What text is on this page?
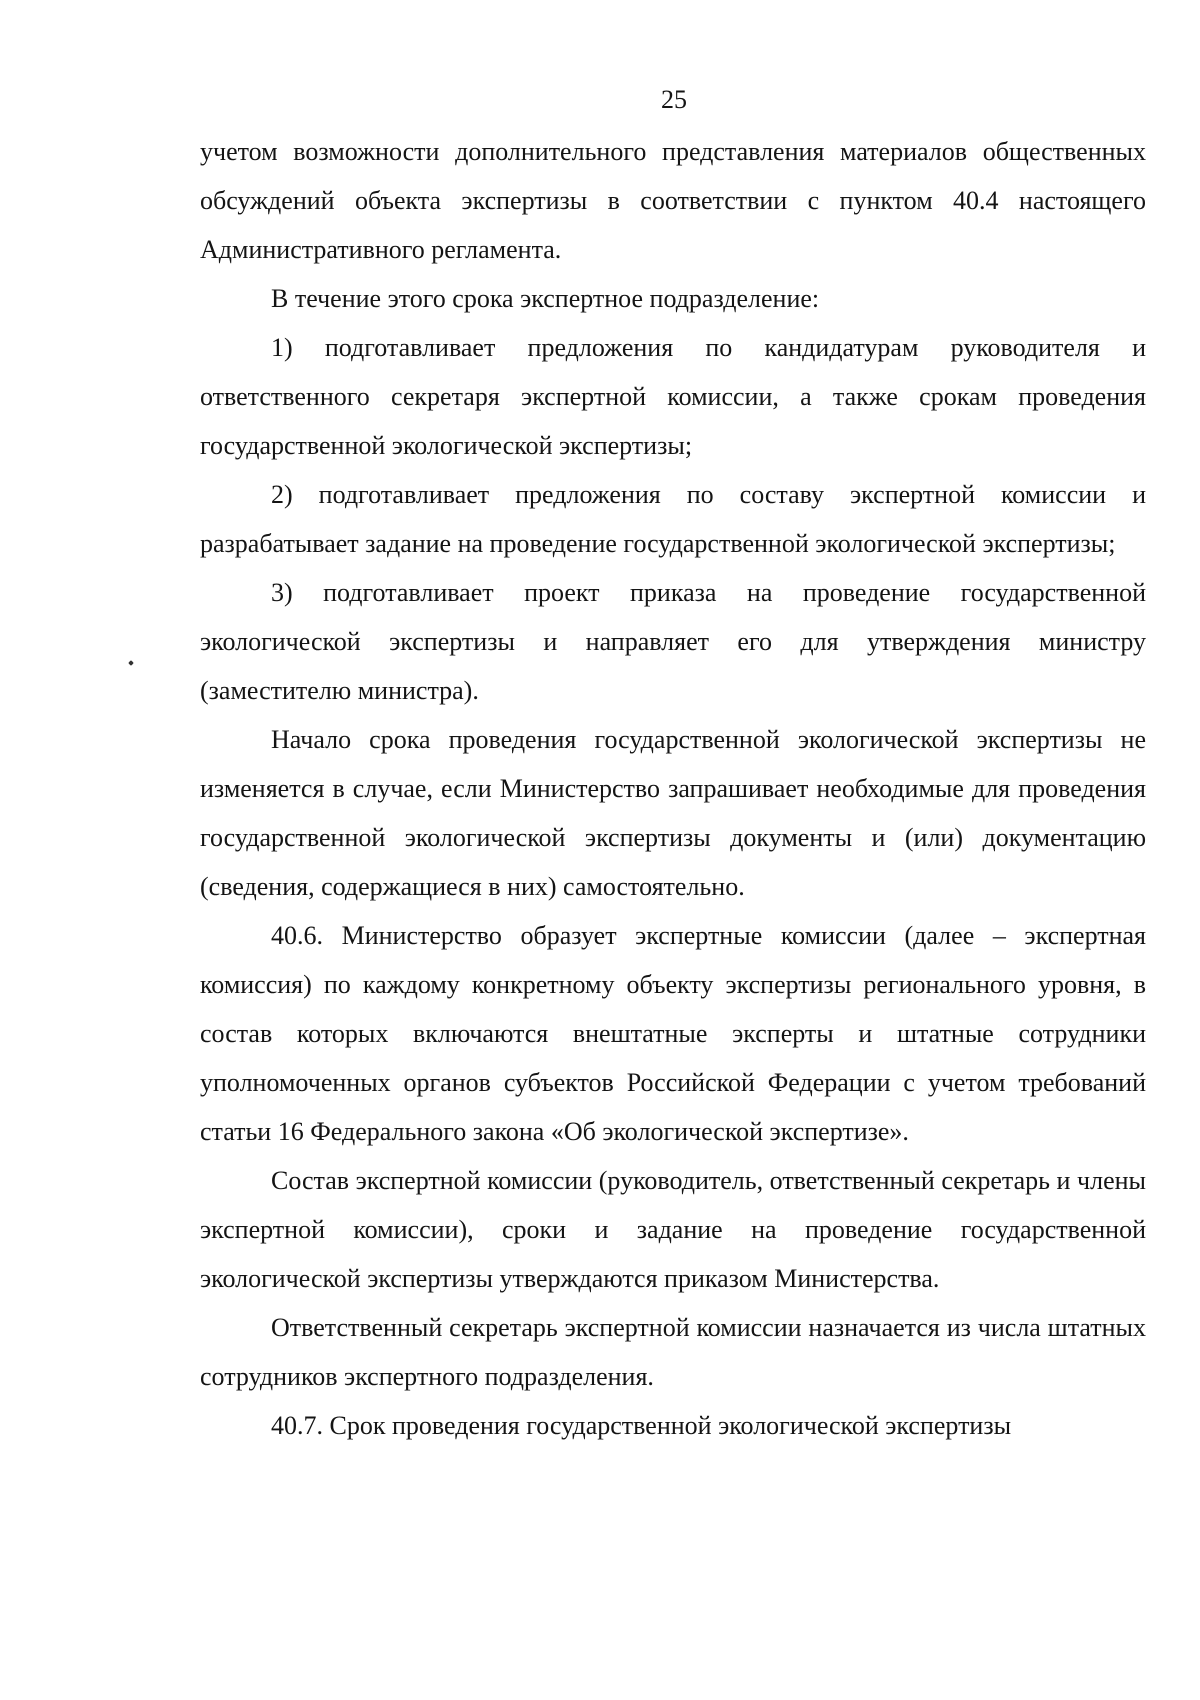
25

учетом возможности дополнительного представления материалов общественных обсуждений объекта экспертизы в соответствии с пунктом 40.4 настоящего Административного регламента.

В течение этого срока экспертное подразделение:

1) подготавливает предложения по кандидатурам руководителя и ответственного секретаря экспертной комиссии, а также срокам проведения государственной экологической экспертизы;

2) подготавливает предложения по составу экспертной комиссии и разрабатывает задание на проведение государственной экологической экспертизы;

3) подготавливает проект приказа на проведение государственной экологической экспертизы и направляет его для утверждения министру (заместителю министра).

Начало срока проведения государственной экологической экспертизы не изменяется в случае, если Министерство запрашивает необходимые для проведения государственной экологической экспертизы документы и (или) документацию (сведения, содержащиеся в них) самостоятельно.

40.6. Министерство образует экспертные комиссии (далее – экспертная комиссия) по каждому конкретному объекту экспертизы регионального уровня, в состав которых включаются внештатные эксперты и штатные сотрудники уполномоченных органов субъектов Российской Федерации с учетом требований статьи 16 Федерального закона «Об экологической экспертизе».

Состав экспертной комиссии (руководитель, ответственный секретарь и члены экспертной комиссии), сроки и задание на проведение государственной экологической экспертизы утверждаются приказом Министерства.

Ответственный секретарь экспертной комиссии назначается из числа штатных сотрудников экспертного подразделения.

40.7. Срок проведения государственной экологической экспертизы
